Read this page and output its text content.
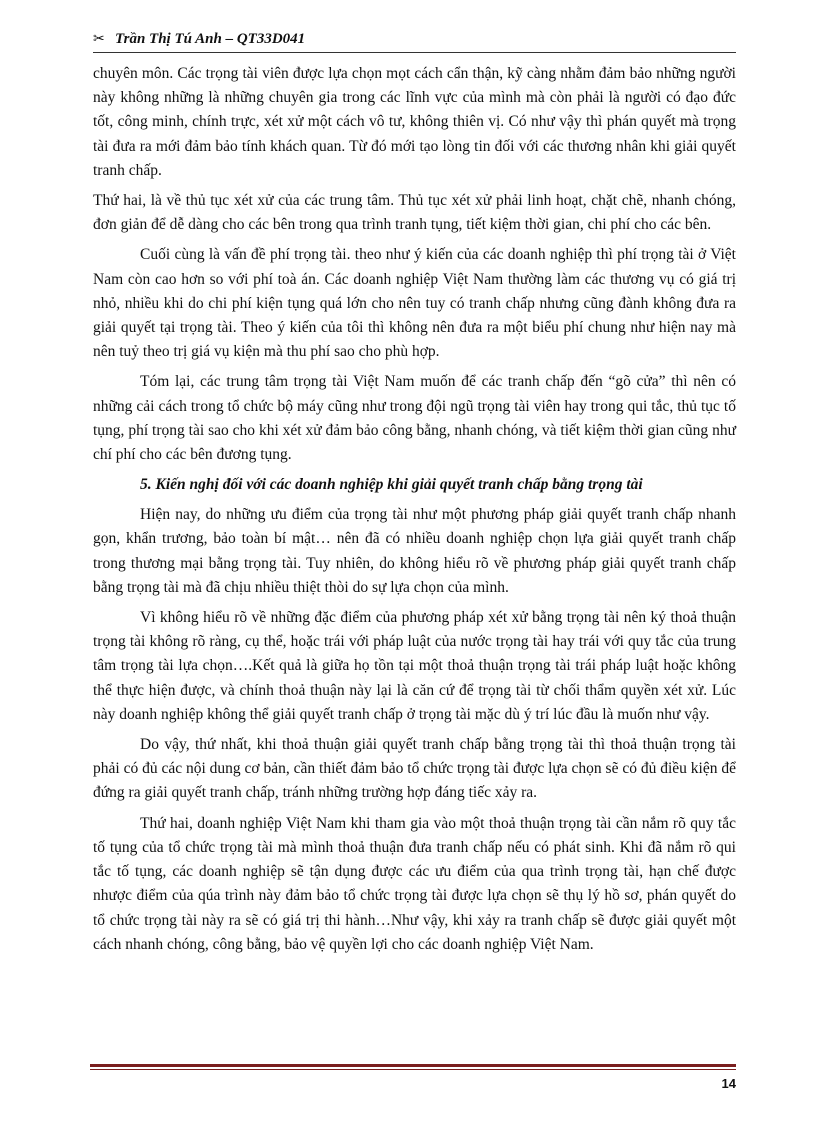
✂ Trần Thị Tú Anh – QT33D041

chuyên môn. Các trọng tài viên được lựa chọn mọt cách cẩn thận, kỹ càng nhằm đảm bảo những người này không những là những chuyên gia trong các lĩnh vực của mình mà còn phải là người có đạo đức tốt, công minh, chính trực, xét xử một cách vô tư, không thiên vị. Có như vậy thì phán quyết mà trọng tài đưa ra mới đảm bảo tính khách quan. Từ đó mới tạo lòng tin đối với các thương nhân khi giải quyết tranh chấp.

Thứ hai, là về thủ tục xét xử của các trung tâm. Thủ tục xét xử phải linh hoạt, chặt chẽ, nhanh chóng, đơn giản để dễ dàng cho các bên trong qua trình tranh tụng, tiết kiệm thời gian, chi phí cho các bên.

Cuối cùng là vấn đề phí trọng tài. theo như ý kiến của các doanh nghiệp thì phí trọng tài ở Việt Nam còn cao hơn so với phí toà án. Các doanh nghiệp Việt Nam thường làm các thương vụ có giá trị nhỏ, nhiều khi do chi phí kiện tụng quá lớn cho nên tuy có tranh chấp nhưng cũng đành không đưa ra giải quyết tại trọng tài. Theo ý kiến của tôi thì không nên đưa ra một biểu phí chung như hiện nay mà nên tuỷ theo trị giá vụ kiện mà thu phí sao cho phù hợp.

Tóm lại, các trung tâm trọng tài Việt Nam muốn để các tranh chấp đến “gõ cửa” thì nên có những cải cách trong tổ chức bộ máy cũng như trong đội ngũ trọng tài viên hay trong qui tắc, thủ tục tố tụng, phí trọng tài sao cho khi xét xử đảm bảo công bằng, nhanh chóng, và tiết kiệm thời gian cũng như chí phí cho các bên đương tụng.

5. Kiến nghị đối với các doanh nghiệp khi giải quyết tranh chấp bằng trọng tài

Hiện nay, do những ưu điểm của trọng tài như một phương pháp giải quyết tranh chấp nhanh gọn, khẩn trương, bảo toàn bí mật… nên đã có nhiều doanh nghiệp chọn lựa giải quyết tranh chấp trong thương mại bằng trọng tài. Tuy nhiên, do không hiểu rõ về phương pháp giải quyết tranh chấp bằng trọng tài mà đã chịu nhiều thiệt thòi do sự lựa chọn của mình.

Vì không hiểu rõ về những đặc điểm của phương pháp xét xử bằng trọng tài nên ký thoả thuận trọng tài không rõ ràng, cụ thể, hoặc trái với pháp luật của nước trọng tài hay trái với quy tắc của trung tâm trọng tài lựa chọn….Kết quả là giữa họ tồn tại một thoả thuận trọng tài trái pháp luật hoặc không thể thực hiện được, và chính thoả thuận này lại là căn cứ để trọng tài từ chối thẩm quyền xét xử. Lúc này doanh nghiệp không thể giải quyết tranh chấp ở trọng tài mặc dù ý trí lúc đầu là muốn như vậy.

Do vậy, thứ nhất, khi thoả thuận giải quyết tranh chấp bằng trọng tài thì thoả thuận trọng tài phải có đủ các nội dung cơ bản, cần thiết đảm bảo tổ chức trọng tài được lựa chọn sẽ có đủ điều kiện để đứng ra giải quyết tranh chấp, tránh những trường hợp đáng tiếc xảy ra.

Thứ hai, doanh nghiệp Việt Nam khi tham gia vào một thoả thuận trọng tài cần nắm rõ quy tắc tố tụng của tổ chức trọng tài mà mình thoả thuận đưa tranh chấp nếu có phát sinh. Khi đã nắm rõ qui tắc tố tụng, các doanh nghiệp sẽ tận dụng được các ưu điểm của qua trình trọng tài, hạn chế được nhược điểm của qúa trình này đảm bảo tổ chức trọng tài được lựa chọn sẽ thụ lý hồ sơ, phán quyết do tổ chức trọng tài này ra sẽ có giá trị thi hành…Như vậy, khi xảy ra tranh chấp sẽ được giải quyết một cách nhanh chóng, công bằng, bảo vệ quyền lợi cho các doanh nghiệp Việt Nam.

14
